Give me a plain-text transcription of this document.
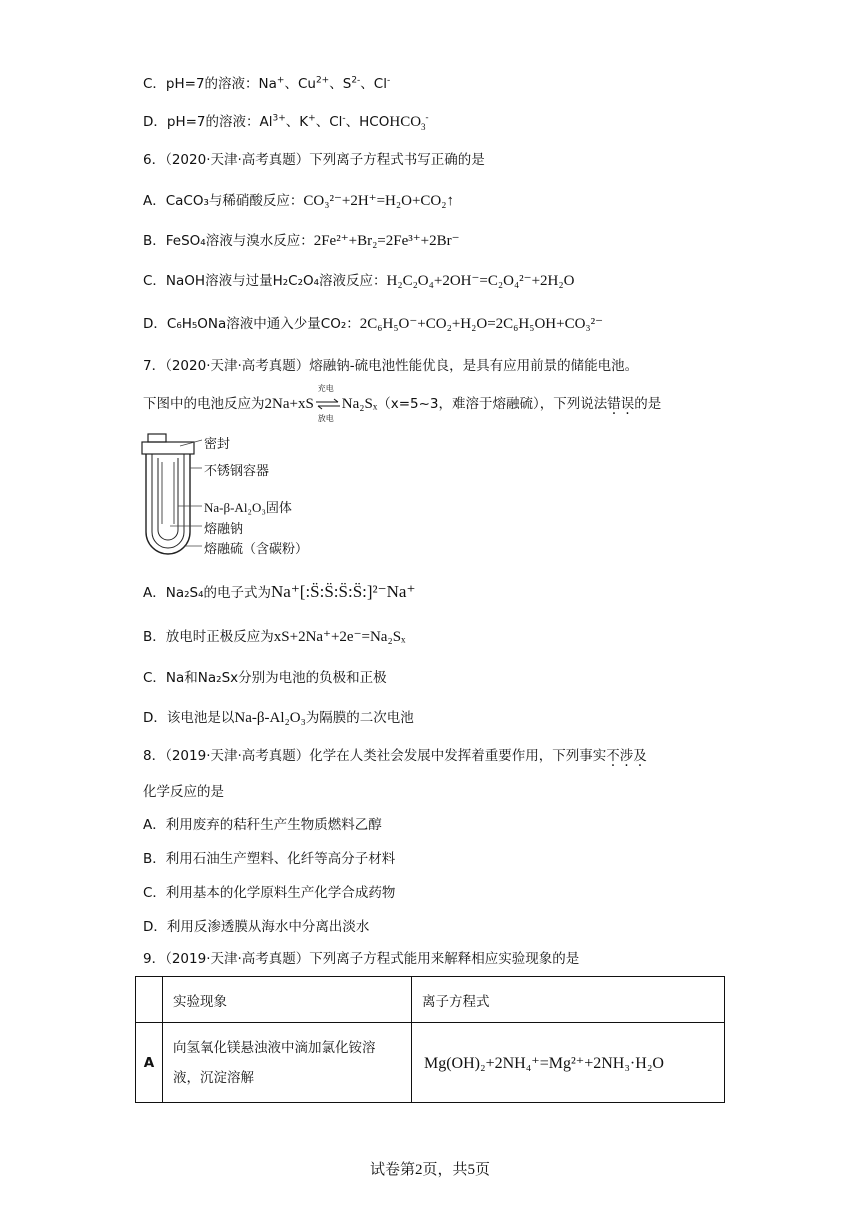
C．pH=7的溶液：Na+、$Cu^{2+}$、$S^{2-}$、Cl-
D．pH=7的溶液：$Al^{3+}$、K+、Cl-、$HCOHCO_3^-$
6．（2020·天津·高考真题）下列离子方程式书写正确的是
A．CaCO₃与稀硝酸反应：CO₃²⁻+2H⁺=H₂O+CO₂↑
B．FeSO₄溶液与溴水反应：2Fe²⁺+Br₂=2Fe³⁺+2Br⁻
C．NaOH溶液与过量H₂C₂O₄溶液反应：H₂C₂O₄+2OH⁻=C₂O₄²⁻+2H₂O
D．C₆H₅ONa溶液中通入少量CO₂：2C₆H₅O⁻+CO₂+H₂O=2C₆H₅OH+CO₃²⁻
7．（2020·天津·高考真题）熔融钠-硫电池性能优良，是具有应用前景的储能电池。
下图中的电池反应为2Na+xS
充电
放电
Na₂Sₓ（x=5~3，难溶于熔融硫），下列说法错误的是
密封
不锈钢容器
Na-β-Al₂O₃固体
熔融钠
熔融硫（含碳粉）
A．Na₂S₄的电子式为Na⁺[:S̈:S̈:S̈:S̈:]²⁻Na⁺
B．放电时正极反应为xS+2Na⁺+2e⁻=Na₂Sₓ
C．Na和Na₂Sx分别为电池的负极和正极
D．该电池是以Na-β-Al₂O₃为隔膜的二次电池
8．（2019·天津·高考真题）化学在人类社会发展中发挥着重要作用，下列事实不涉及
化学反应的是
A．利用废弃的秸秆生产生物质燃料乙醇
B．利用石油生产塑料、化纤等高分子材料
C．利用基本的化学原料生产化学合成药物
D．利用反渗透膜从海水中分离出淡水
9．（2019·天津·高考真题）下列离子方程式能用来解释相应实验现象的是
	实验现象	离子方程式
A	向氢氧化镁悬浊液中滴加氯化铵溶液，沉淀溶解	Mg(OH)₂+2NH₄⁺=Mg²⁺+2NH₃·H₂O
试卷第2页，共5页
